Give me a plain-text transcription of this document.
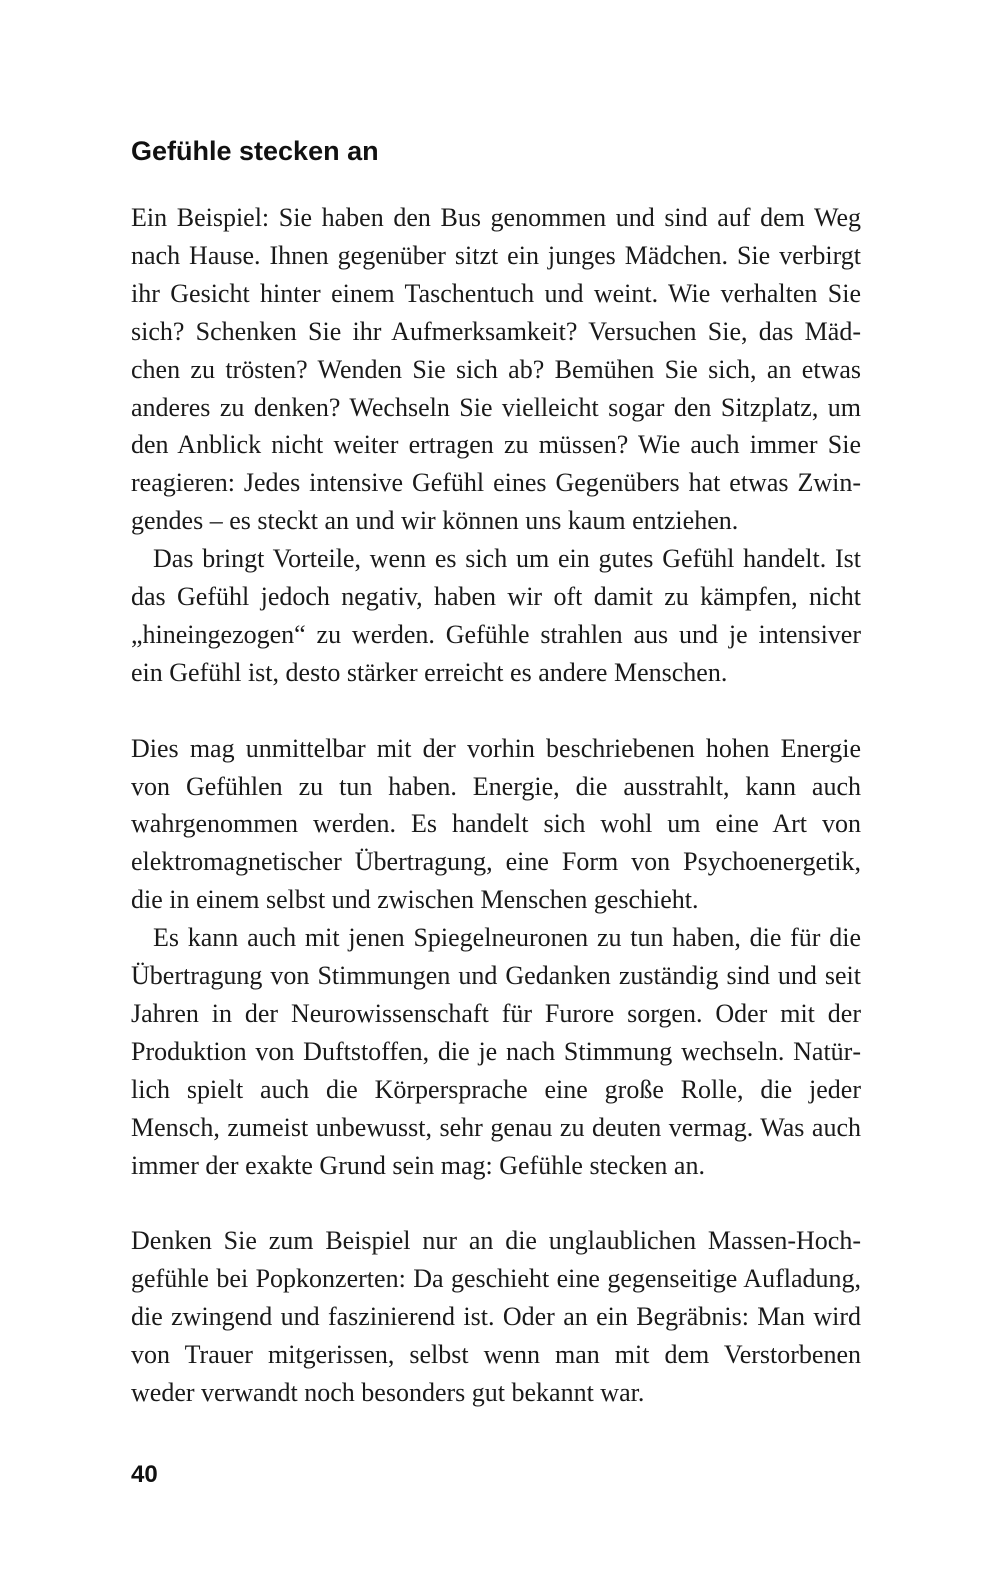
Gefühle stecken an

Ein Beispiel: Sie haben den Bus genommen und sind auf dem Weg nach Hause. Ihnen gegenüber sitzt ein junges Mädchen. Sie verbirgt ihr Gesicht hinter einem Taschentuch und weint. Wie verhalten Sie sich? Schenken Sie ihr Aufmerksamkeit? Versuchen Sie, das Mädchen zu trösten? Wenden Sie sich ab? Bemühen Sie sich, an etwas anderes zu denken? Wechseln Sie vielleicht sogar den Sitzplatz, um den Anblick nicht weiter ertragen zu müssen? Wie auch immer Sie reagieren: Jedes intensive Gefühl eines Gegenübers hat etwas Zwingendes – es steckt an und wir können uns kaum entziehen.

Das bringt Vorteile, wenn es sich um ein gutes Gefühl handelt. Ist das Gefühl jedoch negativ, haben wir oft damit zu kämpfen, nicht „hineingezogen“ zu werden. Gefühle strahlen aus und je intensiver ein Gefühl ist, desto stärker erreicht es andere Menschen.

Dies mag unmittelbar mit der vorhin beschriebenen hohen Energie von Gefühlen zu tun haben. Energie, die ausstrahlt, kann auch wahrgenommen werden. Es handelt sich wohl um eine Art von elektromagnetischer Übertragung, eine Form von Psychoenergetik, die in einem selbst und zwischen Menschen geschieht.

Es kann auch mit jenen Spiegelneuronen zu tun haben, die für die Übertragung von Stimmungen und Gedanken zuständig sind und seit Jahren in der Neurowissenschaft für Furore sorgen. Oder mit der Produktion von Duftstoffen, die je nach Stimmung wechseln. Natürlich spielt auch die Körpersprache eine große Rolle, die jeder Mensch, zumeist unbewusst, sehr genau zu deuten vermag. Was auch immer der exakte Grund sein mag: Gefühle stecken an.

Denken Sie zum Beispiel nur an die unglaublichen Massen-Hochgefühle bei Popkonzerten: Da geschieht eine gegenseitige Aufladung, die zwingend und faszinierend ist. Oder an ein Begräbnis: Man wird von Trauer mitgerissen, selbst wenn man mit dem Verstorbenen weder verwandt noch besonders gut bekannt war.

40
